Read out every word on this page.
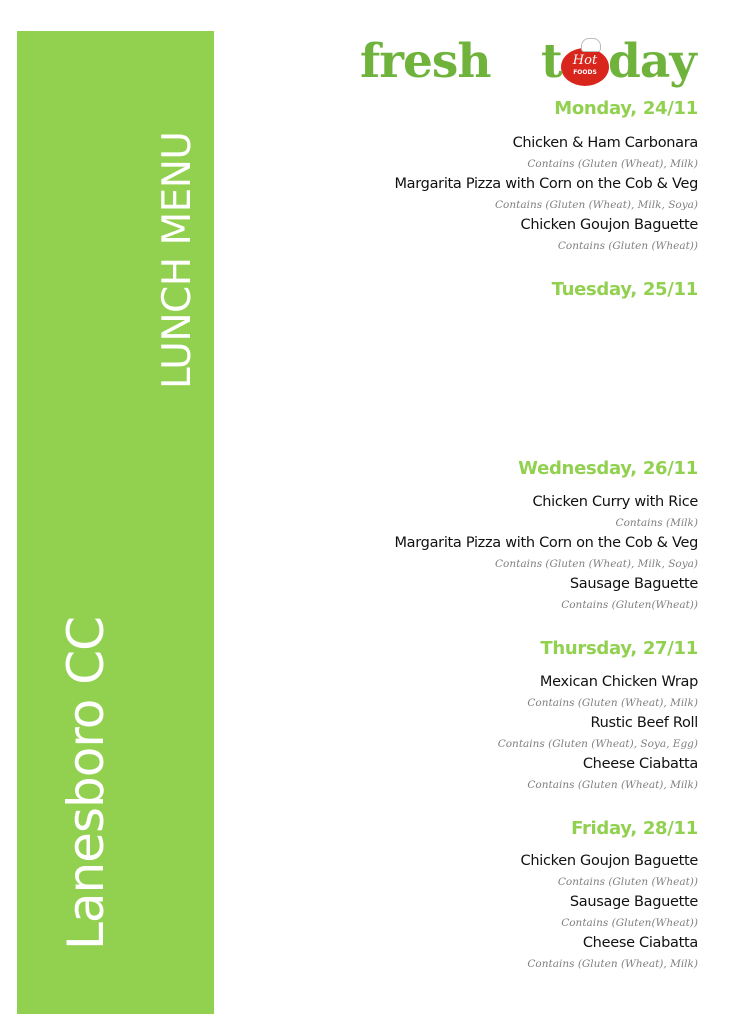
LUNCH MENU
Lanesboro CC
fresh	Hot
FOODS
t day
Monday, 24/11
Chicken & Ham Carbonara
Contains (Gluten (Wheat), Milk)
Margarita Pizza with Corn on the Cob & Veg
Contains (Gluten (Wheat), Milk, Soya)
Chicken Goujon Baguette
Contains (Gluten (Wheat))
Tuesday, 25/11
Wednesday, 26/11
Chicken Curry with Rice
Contains (Milk)
Margarita Pizza with Corn on the Cob & Veg
Contains (Gluten (Wheat), Milk, Soya)
Sausage Baguette
Contains (Gluten(Wheat))
Thursday, 27/11
Mexican Chicken Wrap
Contains (Gluten (Wheat), Milk)
Rustic Beef Roll
Contains (Gluten (Wheat), Soya, Egg)
Cheese Ciabatta
Contains (Gluten (Wheat), Milk)
Friday, 28/11
Chicken Goujon Baguette
Contains (Gluten (Wheat))
Sausage Baguette
Contains (Gluten(Wheat))
Cheese Ciabatta
Contains (Gluten (Wheat), Milk)
